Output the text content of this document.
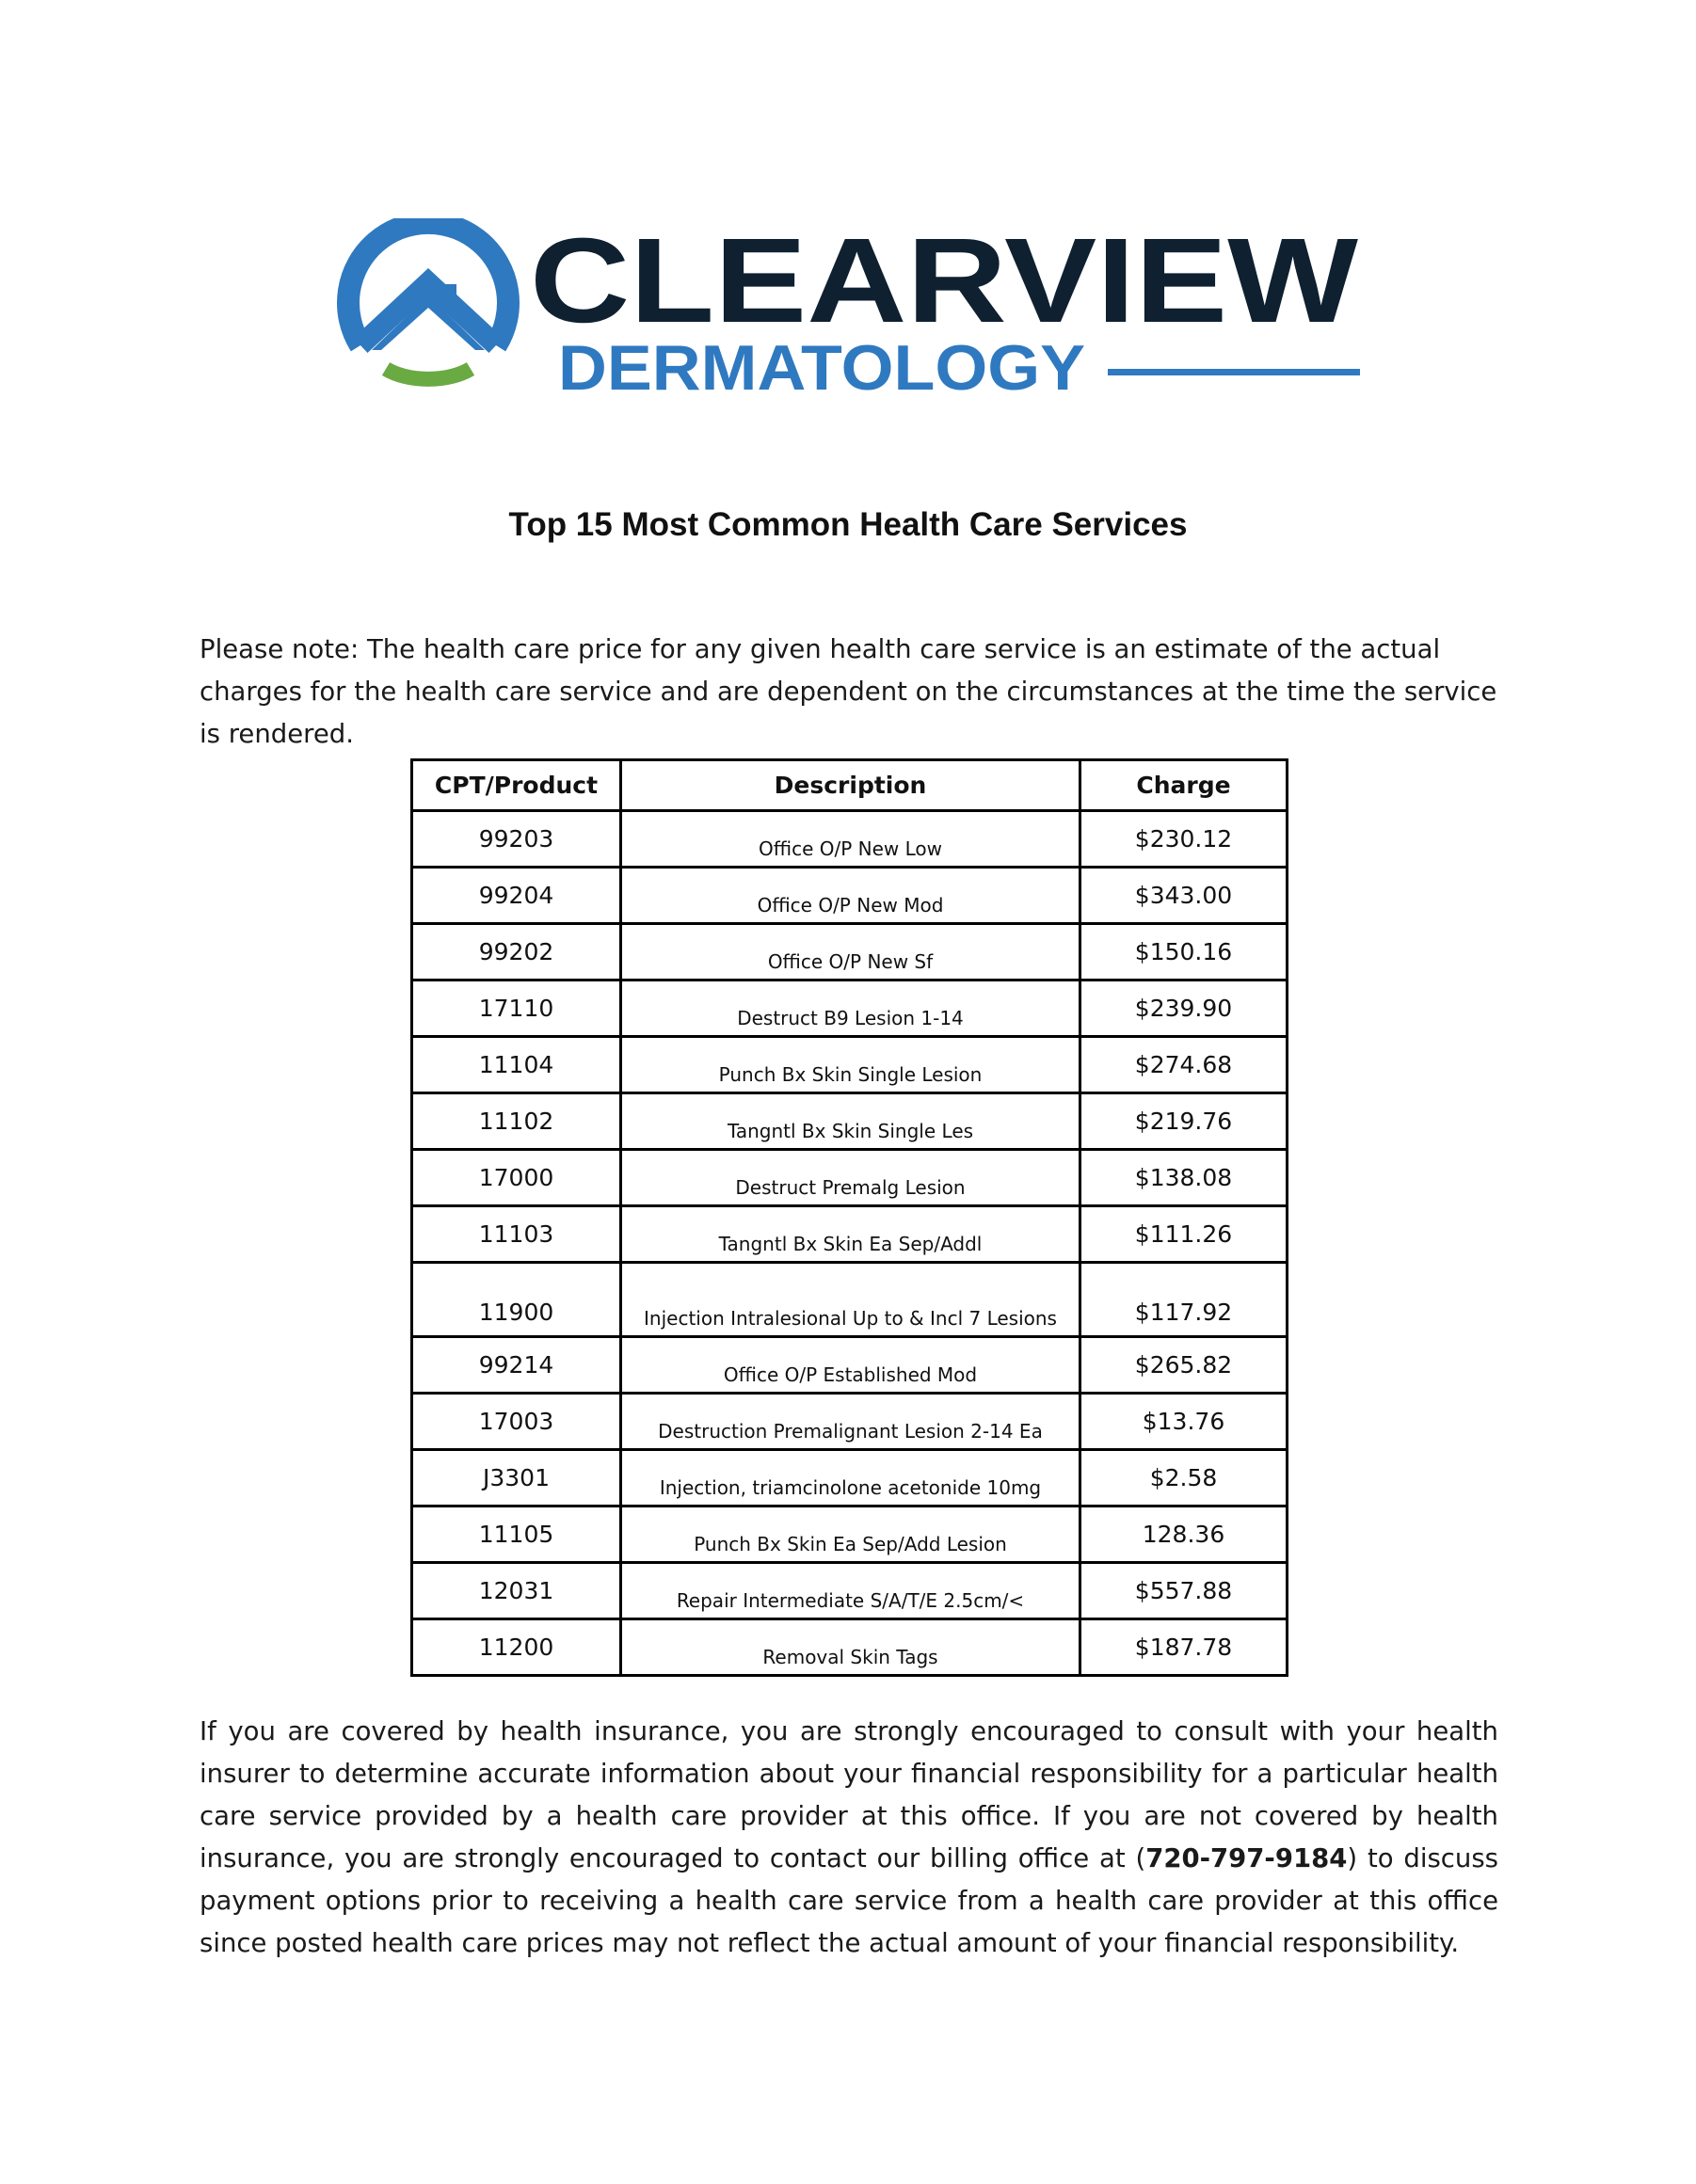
CLEARVIEW
DERMATOLOGY
Top 15 Most Common Health Care Services
Please note: The health care price for any given health care service is an estimate of the actual charges for the health care service and are dependent on the circumstances at the time the service is rendered.
CPT/Product	Description	Charge
99203	Office O/P New Low	$230.12
99204	Office O/P New Mod	$343.00
99202	Office O/P New Sf	$150.16
17110	Destruct B9 Lesion 1-14	$239.90
11104	Punch Bx Skin Single Lesion	$274.68
11102	Tangntl Bx Skin Single Les	$219.76
17000	Destruct Premalg Lesion	$138.08
11103	Tangntl Bx Skin Ea Sep/Addl	$111.26
11900	Injection Intralesional Up to & Incl 7 Lesions	$117.92
99214	Office O/P Established Mod	$265.82
17003	Destruction Premalignant Lesion 2-14 Ea	$13.76
J3301	Injection, triamcinolone acetonide 10mg	$2.58
11105	Punch Bx Skin Ea Sep/Add Lesion	128.36
12031	Repair Intermediate S/A/T/E 2.5cm/<	$557.88
11200	Removal Skin Tags	$187.78
If you are covered by health insurance, you are strongly encouraged to consult with your health insurer to determine accurate information about your financial responsibility for a particular health care service provided by a health care provider at this office. If you are not covered by health insurance, you are strongly encouraged to contact our billing office at (720-797-9184) to discuss payment options prior to receiving a health care service from a health care provider at this office since posted health care prices may not reflect the actual amount of your financial responsibility.
